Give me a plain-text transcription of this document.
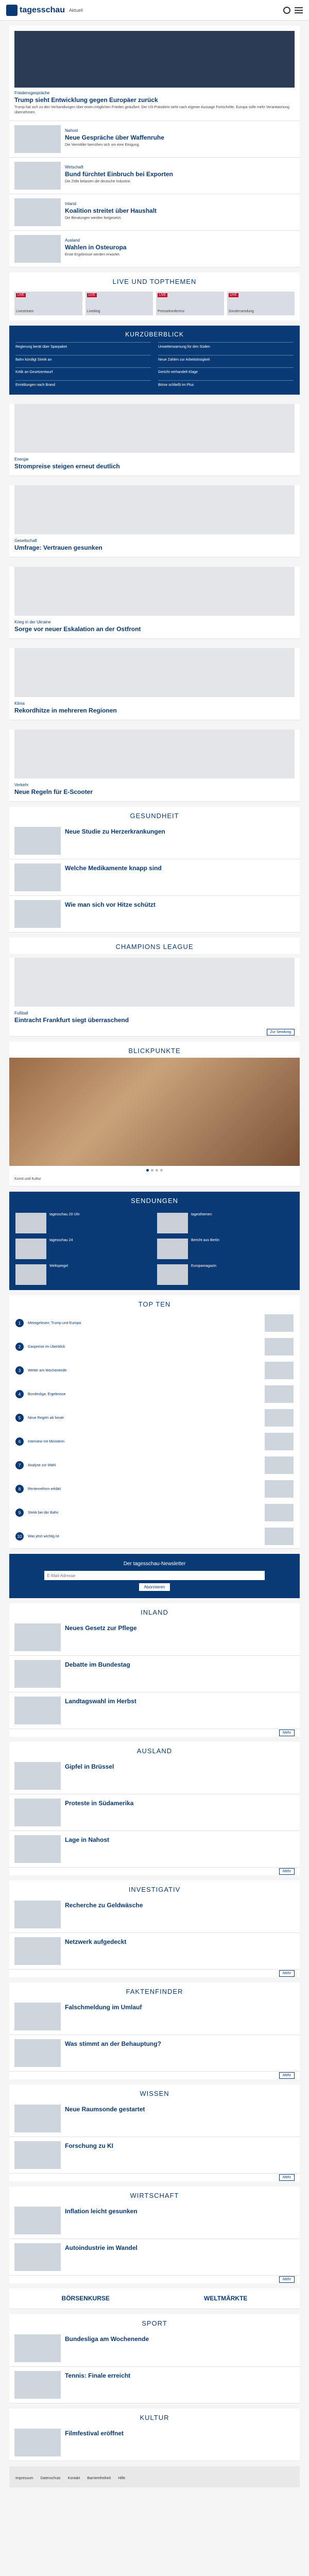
tagesschau Aktuell
Friedensgespräche
Trump sieht Entwicklung gegen Europäer zurück
Trump hat sich zu den Verhandlungen über einen möglichen Frieden geäußert. Der US-Präsident sieht nach eigener Aussage Fortschritte. Europa solle mehr Verantwortung übernehmen.
Nahost
Neue Gespräche über Waffenruhe
Die Vermittler bemühen sich um eine Einigung.
Wirtschaft
Bund fürchtet Einbruch bei Exporten
Die Zölle belasten die deutsche Industrie.
Inland
Koalition streitet über Haushalt
Die Beratungen werden fortgesetzt.
Ausland
Wahlen in Osteuropa
Erste Ergebnisse werden erwartet.
LIVE UND TOPTHEMEN
LIVE
Livestream
LIVE
Liveblog
LIVE
Pressekonferenz
LIVE
Sondersendung
KURZÜBERBLICK
Regierung berät über Sparpaket	Unwetterwarnung für den Süden
Bahn kündigt Streik an	Neue Zahlen zur Arbeitslosigkeit
Kritik an Gesetzentwurf	Gericht verhandelt Klage
Ermittlungen nach Brand	Börse schließt im Plus
Energie
Strompreise steigen erneut deutlich
Gesellschaft
Umfrage: Vertrauen gesunken
Krieg in der Ukraine
Sorge vor neuer Eskalation an der Ostfront
Klima
Rekordhitze in mehreren Regionen
Verkehr
Neue Regeln für E-Scooter
GESUNDHEIT
Neue Studie zu Herzerkrankungen
Welche Medikamente knapp sind
Wie man sich vor Hitze schützt
CHAMPIONS LEAGUE
Fußball
Eintracht Frankfurt siegt überraschend
Zur Sendung
BLICKPUNKTE
Kunst und Kultur
SENDUNGEN
tagesschau 20 Uhr	tagesthemen
tagesschau 24	Bericht aus Berlin
Weltspiegel	Europamagazin
TOP TEN
1	Meistgelesen: Trump und Europa
2	Gaspreise im Überblick
3	Wetter am Wochenende
4	Bundesliga: Ergebnisse
5	Neue Regeln ab heute
6	Interview mit Ministerin
7	Analyse zur Wahl
8	Rentenreform erklärt
9	Streik bei der Bahn
10	Was jetzt wichtig ist
Der tagesschau-Newsletter
E-Mail-Adresse
Abonnieren
INLAND
Neues Gesetz zur Pflege
Debatte im Bundestag
Landtagswahl im Herbst
Mehr
AUSLAND
Gipfel in Brüssel
Proteste in Südamerika
Lage in Nahost
Mehr
INVESTIGATIV
Recherche zu Geldwäsche
Netzwerk aufgedeckt
Mehr
FAKTENFINDER
Falschmeldung im Umlauf
Was stimmt an der Behauptung?
Mehr
WISSEN
Neue Raumsonde gestartet
Forschung zu KI
Mehr
WIRTSCHAFT
Inflation leicht gesunken
Autoindustrie im Wandel
Mehr
BÖRSENKURSE	WELTMÄRKTE
SPORT
Bundesliga am Wochenende
Tennis: Finale erreicht
KULTUR
Filmfestival eröffnet
Impressum Datenschutz Kontakt Barrierefreiheit Hilfe
